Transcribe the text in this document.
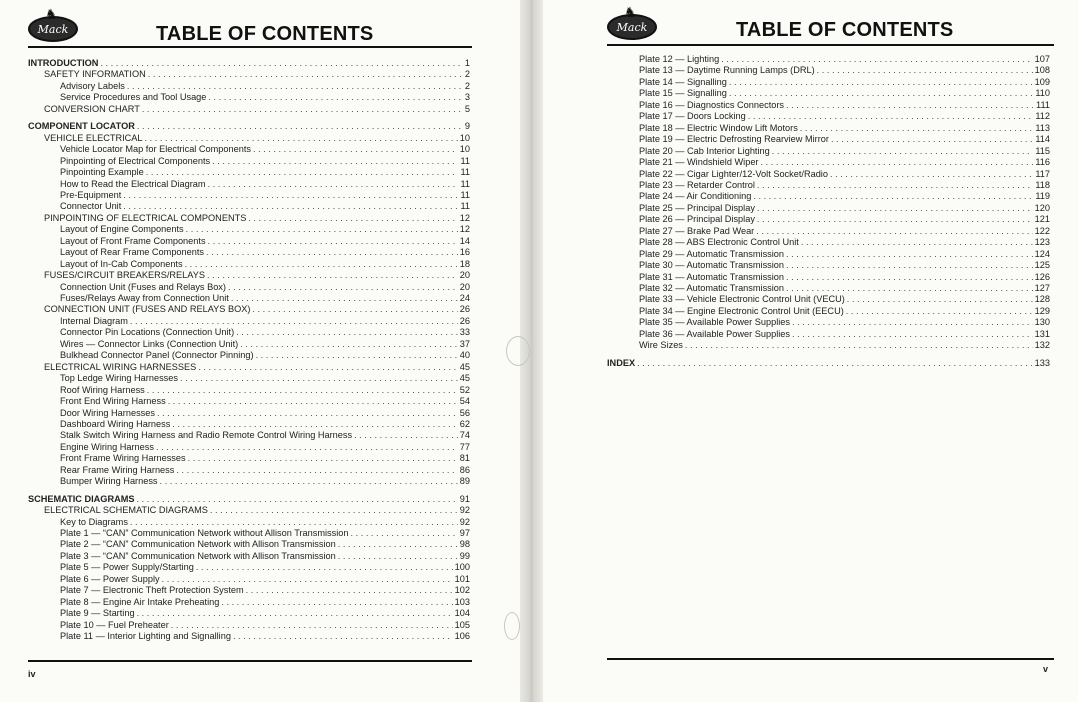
♞
Mack	TABLE OF CONTENTS
INTRODUCTION . . .	1
SAFETY INFORMATION . . .	2
Advisory Labels . . .	2
Service Procedures and Tool Usage . . .	3
CONVERSION CHART . . .	5
COMPONENT LOCATOR . . .	9
VEHICLE ELECTRICAL . . .	10
Vehicle Locator Map for Electrical Components . . .	10
Pinpointing of Electrical Components . . .	11
Pinpointing Example . . .	11
How to Read the Electrical Diagram . . .	11
Pre-Equipment . . .	11
Connector Unit . . .	11
PINPOINTING OF ELECTRICAL COMPONENTS . . .	12
Layout of Engine Components . . .	12
Layout of Front Frame Components . . .	14
Layout of Rear Frame Components . . .	16
Layout of In-Cab Components . . .	18
FUSES/CIRCUIT BREAKERS/RELAYS . . .	20
Connection Unit (Fuses and Relays Box) . . .	20
Fuses/Relays Away from Connection Unit . . .	24
CONNECTION UNIT (FUSES AND RELAYS BOX) . . .	26
Internal Diagram . . .	26
Connector Pin Locations (Connection Unit) . . .	33
Wires — Connector Links (Connection Unit) . . .	37
Bulkhead Connector Panel (Connector Pinning) . . .	40
ELECTRICAL WIRING HARNESSES . . .	45
Top Ledge Wiring Harnesses . . .	45
Roof Wiring Harness . . .	52
Front End Wiring Harness . . .	54
Door Wiring Harnesses . . .	56
Dashboard Wiring Harness . . .	62
Stalk Switch Wiring Harness and Radio Remote Control Wiring Harness . . .	74
Engine Wiring Harness . . .	77
Front Frame Wiring Harnesses . . .	81
Rear Frame Wiring Harness . . .	86
Bumper Wiring Harness . . .	89
SCHEMATIC DIAGRAMS . . .	91
ELECTRICAL SCHEMATIC DIAGRAMS . . .	92
Key to Diagrams . . .	92
Plate 1 — “CAN” Communication Network without Allison Transmission . . .	97
Plate 2 — “CAN” Communication Network with Allison Transmission . . .	98
Plate 3 — “CAN” Communication Network with Allison Transmission . . .	99
Plate 5 — Power Supply/Starting . . .	100
Plate 6 — Power Supply . . .	101
Plate 7 — Electronic Theft Protection System . . .	102
Plate 8 — Engine Air Intake Preheating . . .	103
Plate 9 — Starting . . .	104
Plate 10 — Fuel Preheater . . .	105
Plate 11 — Interior Lighting and Signalling . . .	106
iv
♞
Mack	TABLE OF CONTENTS
Plate 12 — Lighting . . .	107
Plate 13 — Daytime Running Lamps (DRL) . . .	108
Plate 14 — Signalling . . .	109
Plate 15 — Signalling . . .	110
Plate 16 — Diagnostics Connectors . . .	111
Plate 17 — Doors Locking . . .	112
Plate 18 — Electric Window Lift Motors . . .	113
Plate 19 — Electric Defrosting Rearview Mirror . . .	114
Plate 20 — Cab Interior Lighting . . .	115
Plate 21 — Windshield Wiper . . .	116
Plate 22 — Cigar Lighter/12-Volt Socket/Radio . . .	117
Plate 23 — Retarder Control . . .	118
Plate 24 — Air Conditioning . . .	119
Plate 25 — Principal Display . . .	120
Plate 26 — Principal Display . . .	121
Plate 27 — Brake Pad Wear . . .	122
Plate 28 — ABS Electronic Control Unit . . .	123
Plate 29 — Automatic Transmission . . .	124
Plate 30 — Automatic Transmission . . .	125
Plate 31 — Automatic Transmission . . .	126
Plate 32 — Automatic Transmission . . .	127
Plate 33 — Vehicle Electronic Control Unit (VECU) . . .	128
Plate 34 — Engine Electronic Control Unit (EECU) . . .	129
Plate 35 — Available Power Supplies . . .	130
Plate 36 — Available Power Supplies . . .	131
Wire Sizes . . .	132
INDEX . . .	133
v
